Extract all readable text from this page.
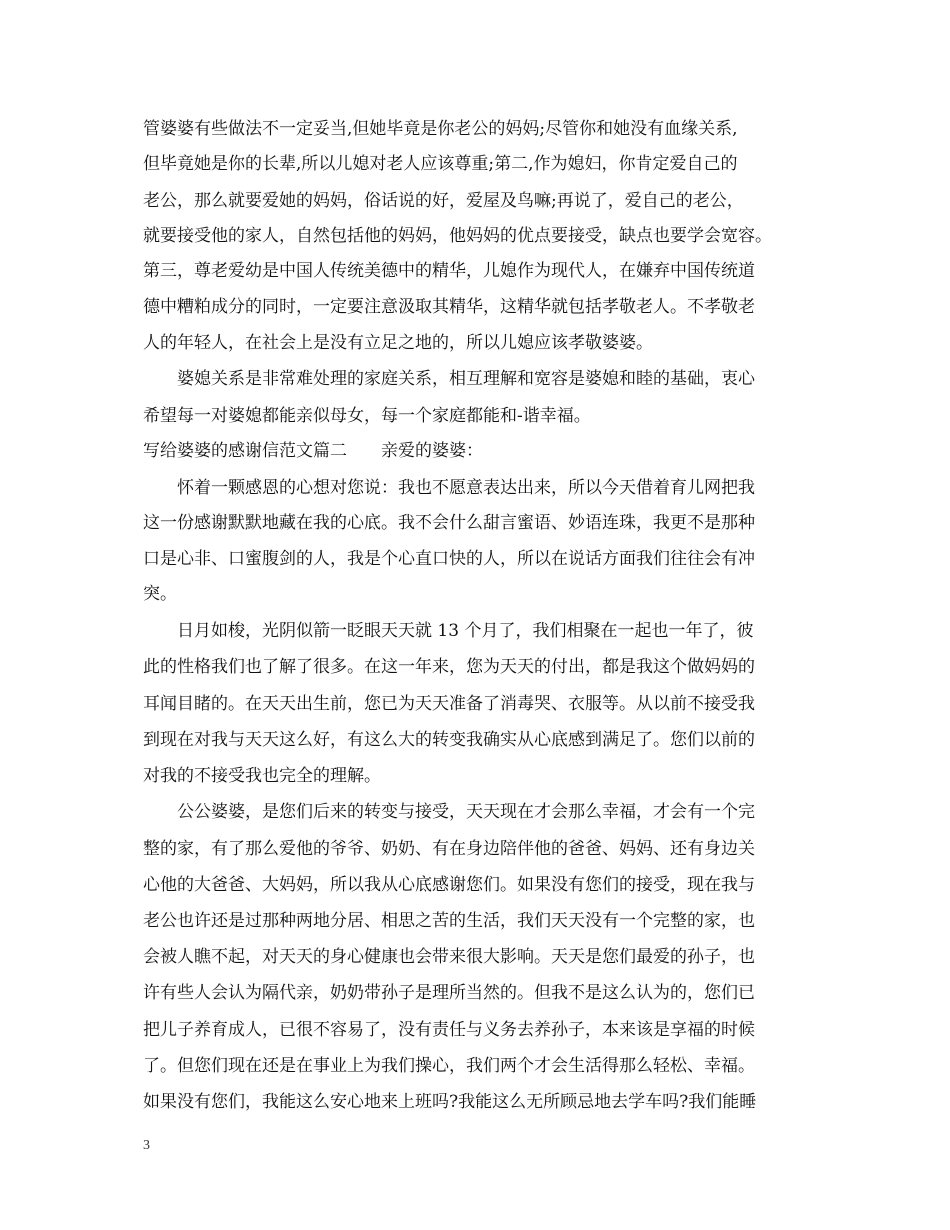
管婆婆有些做法不一定妥当,但她毕竟是你老公的妈妈;尽管你和她没有血缘关系,
但毕竟她是你的长辈,所以儿媳对老人应该尊重;第二,作为媳妇，你肯定爱自己的
老公，那么就要爱她的妈妈，俗话说的好，爱屋及鸟嘛;再说了，爱自己的老公，
就要接受他的家人，自然包括他的妈妈，他妈妈的优点要接受，缺点也要学会宽容。
第三，尊老爱幼是中国人传统美德中的精华，儿媳作为现代人，在嫌弃中国传统道
德中糟粕成分的同时，一定要注意汲取其精华，这精华就包括孝敬老人。不孝敬老
人的年轻人，在社会上是没有立足之地的，所以儿媳应该孝敬婆婆。
　　婆媳关系是非常难处理的家庭关系，相互理解和宽容是婆媳和睦的基础，衷心
希望每一对婆媳都能亲似母女，每一个家庭都能和-谐幸福。
写给婆婆的感谢信范文篇二　　亲爱的婆婆：
　　怀着一颗感恩的心想对您说：我也不愿意表达出来，所以今天借着育儿网把我
这一份感谢默默地藏在我的心底。我不会什么甜言蜜语、妙语连珠，我更不是那种
口是心非、口蜜腹剑的人，我是个心直口快的人，所以在说话方面我们往往会有冲
突。
　　日月如梭，光阴似箭一眨眼天天就 13 个月了，我们相聚在一起也一年了，彼
此的性格我们也了解了很多。在这一年来，您为天天的付出，都是我这个做妈妈的
耳闻目睹的。在天天出生前，您已为天天准备了消毒哭、衣服等。从以前不接受我
到现在对我与天天这么好，有这么大的转变我确实从心底感到满足了。您们以前的
对我的不接受我也完全的理解。
　　公公婆婆，是您们后来的转变与接受，天天现在才会那么幸福，才会有一个完
整的家，有了那么爱他的爷爷、奶奶、有在身边陪伴他的爸爸、妈妈、还有身边关
心他的大爸爸、大妈妈，所以我从心底感谢您们。如果没有您们的接受，现在我与
老公也许还是过那种两地分居、相思之苦的生活，我们天天没有一个完整的家，也
会被人瞧不起，对天天的身心健康也会带来很大影响。天天是您们最爱的孙子，也
许有些人会认为隔代亲，奶奶带孙子是理所当然的。但我不是这么认为的，您们已
把儿子养育成人，已很不容易了，没有责任与义务去养孙子，本来该是享福的时候
了。但您们现在还是在事业上为我们操心，我们两个才会生活得那么轻松、幸福。
如果没有您们，我能这么安心地来上班吗?我能这么无所顾忌地去学车吗?我们能睡
3
